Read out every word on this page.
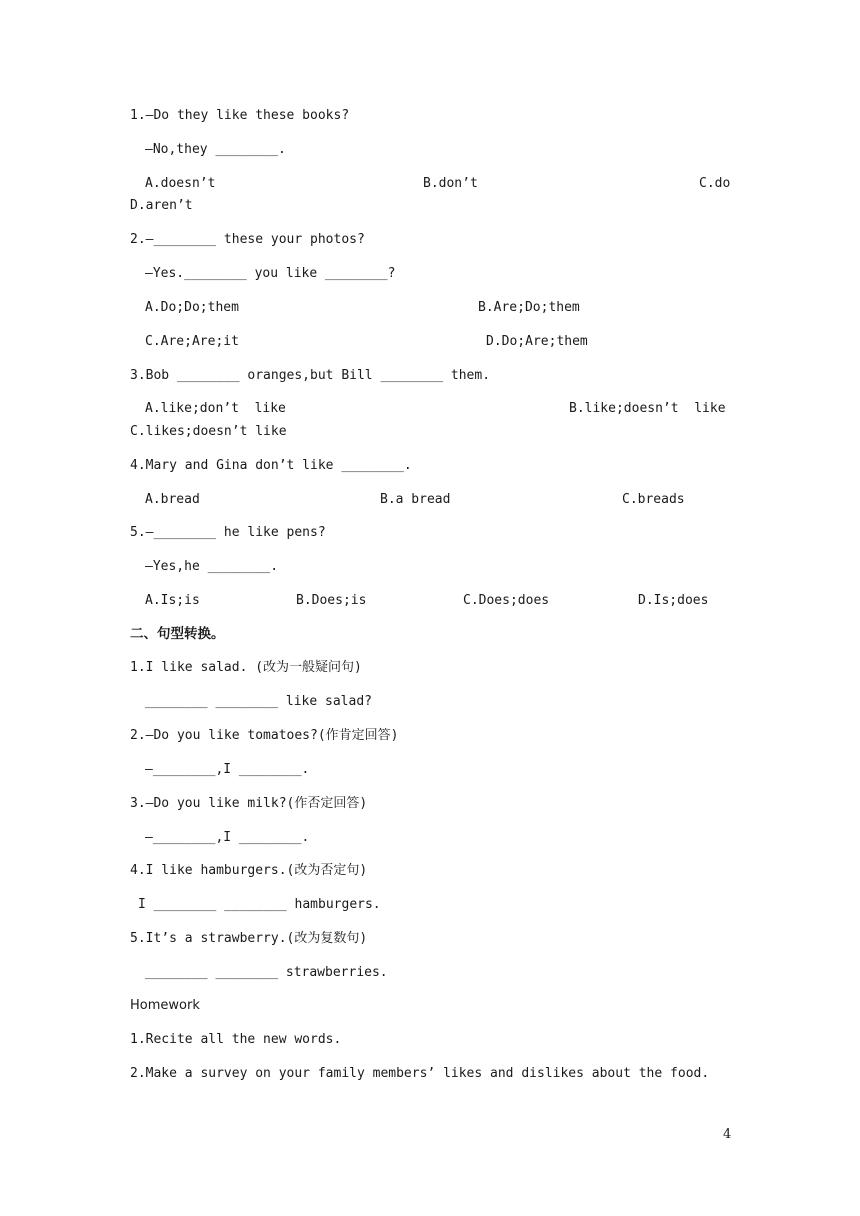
1.—Do they like these books?
—No,they ________.
A.doesn’t	B.don’t	C.do
D.aren’t
2.—________ these your photos?
—Yes.________ you like ________?
A.Do;Do;them	B.Are;Do;them
C.Are;Are;it	D.Do;Are;them
3.Bob ________ oranges,but Bill ________ them.
A.like;don’t  like	B.like;doesn’t  like
C.likes;doesn’t like
4.Mary and Gina don’t like ________.
A.bread	B.a bread	C.breads
5.—________ he like pens?
—Yes,he ________.
A.Is;is	B.Does;is	C.Does;does	D.Is;does
二、句型转换。
1.I like salad. (改为一般疑问句)
________ ________ like salad?
2.—Do you like tomatoes?(作肯定回答)
—________,I ________.
3.—Do you like milk?(作否定回答)
—________,I ________.
4.I like hamburgers.(改为否定句)
I ________ ________ hamburgers.
5.It’s a strawberry.(改为复数句)
________ ________ strawberries.
Homework
1.Recite all the new words.
2.Make a survey on your family members’ likes and dislikes about the food.
4
